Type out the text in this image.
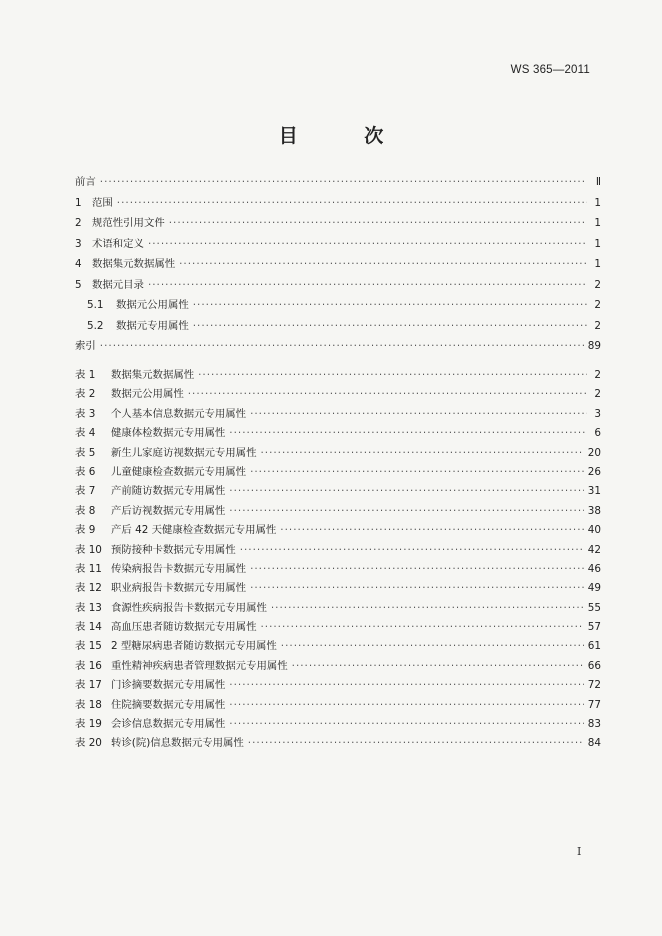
WS 365—2011
目 次
前言 ·····	Ⅱ
1 范围 ·····	1
2 规范性引用文件 ·····	1
3 术语和定义 ·····	1
4 数据集元数据属性 ·····	1
5 数据元目录 ·····	2
5.1	数据元公用属性 ·····	2
5.2	数据元专用属性 ·····	2
索引 ·····	89
表 1	数据集元数据属性 ·····	2
表 2	数据元公用属性 ·····	2
表 3	个人基本信息数据元专用属性 ·····	3
表 4	健康体检数据元专用属性 ·····	6
表 5	新生儿家庭访视数据元专用属性 ·····	20
表 6	儿童健康检查数据元专用属性 ·····	26
表 7	产前随访数据元专用属性 ·····	31
表 8	产后访视数据元专用属性 ·····	38
表 9	产后 42 天健康检查数据元专用属性 ·····	40
表 10 预防接种卡数据元专用属性 ·····	42
表 11 传染病报告卡数据元专用属性 ·····	46
表 12 职业病报告卡数据元专用属性 ·····	49
表 13 食源性疾病报告卡数据元专用属性 ·····	55
表 14 高血压患者随访数据元专用属性 ·····	57
表 15 2 型糖尿病患者随访数据元专用属性 ·····	61
表 16 重性精神疾病患者管理数据元专用属性 ·····	66
表 17 门诊摘要数据元专用属性 ·····	72
表 18 住院摘要数据元专用属性 ·····	77
表 19 会诊信息数据元专用属性 ·····	83
表 20 转诊(院)信息数据元专用属性 ·····	84
I
